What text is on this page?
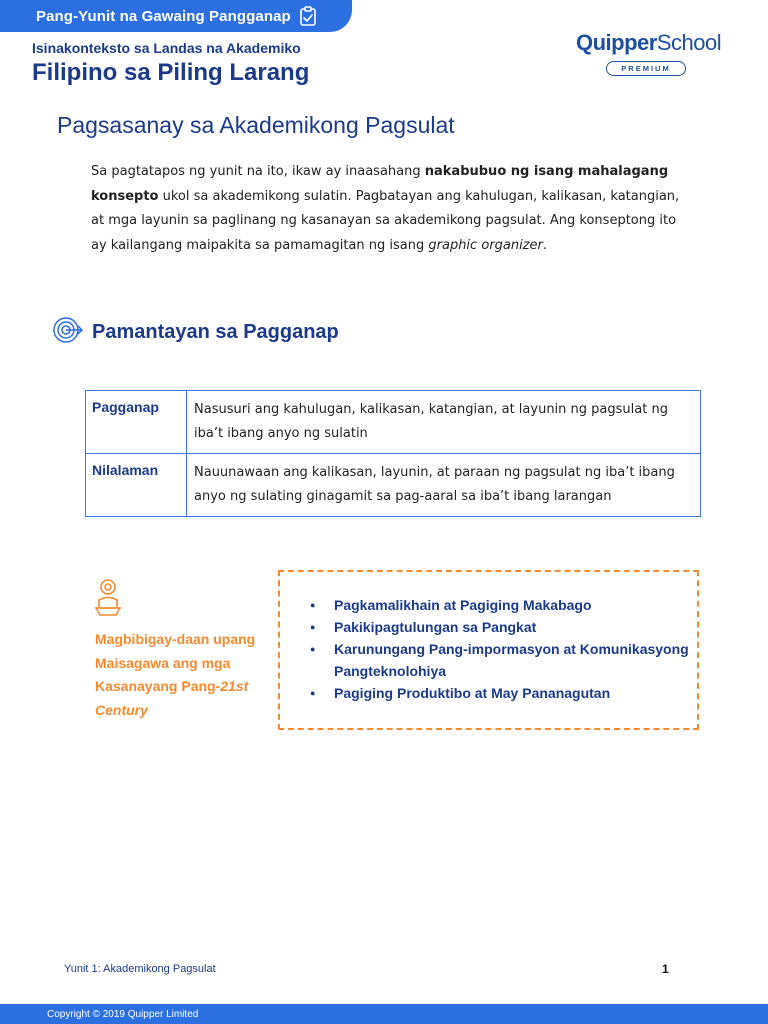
Pang-Yunit na Gawaing Pangganap
Isinakonteksto sa Landas na Akademiko
Filipino sa Piling Larang
QuipperSchool
PREMIUM
Pagsasanay sa Akademikong Pagsulat
Sa pagtatapos ng yunit na ito, ikaw ay inaasahang nakabubuo ng isang mahalagang konsepto ukol sa akademikong sulatin. Pagbatayan ang kahulugan, kalikasan, katangian, at mga layunin sa paglinang ng kasanayan sa akademikong pagsulat. Ang konseptong ito ay kailangang maipakita sa pamamagitan ng isang graphic organizer.
Pamantayan sa Pagganap
Pagganap	Nasusuri ang kahulugan, kalikasan, katangian, at layunin ng pagsulat ng iba’t ibang anyo ng sulatin
Nilalaman	Nauunawaan ang kalikasan, layunin, at paraan ng pagsulat ng iba’t ibang anyo ng sulating ginagamit sa pag-aaral sa iba’t ibang larangan
Magbibigay-daan upang Maisagawa ang mga Kasanayang Pang-21st Century
● Pagkamalikhain at Pagiging Makabago
● Pakikipagtulungan sa Pangkat
● Karunungang Pang-impormasyon at Komunikasyong Pangteknolohiya
● Pagiging Produktibo at May Pananagutan
Yunit 1: Akademikong Pagsulat	1
Copyright © 2019 Quipper Limited
